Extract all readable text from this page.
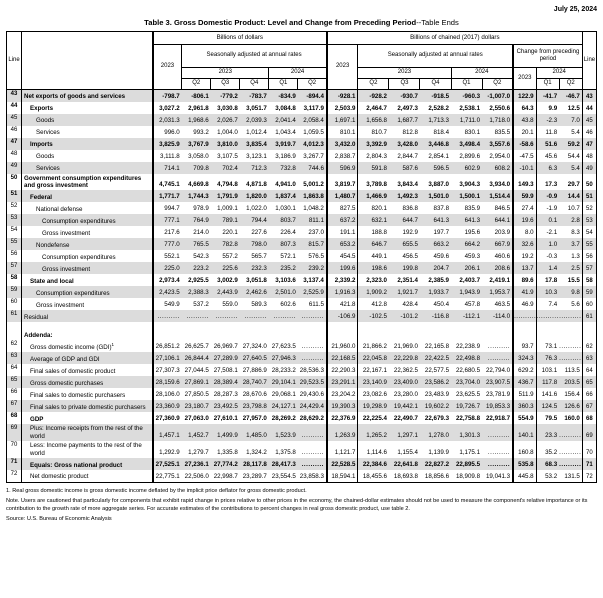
July 25, 2024
Table 3. Gross Domestic Product: Level and Change from Preceding Period--Table Ends
Line		Billions of dollars						Billions of chained (2017) dollars									Line
		2023	Seasonally adjusted at annual rates					2023	Seasonally adjusted at annual rates					Change from preceding period			
			2023			2024			2023			2024		2023	2024		
			Q2	Q3	Q4	Q1	Q2		Q2	Q3	Q4	Q1	Q2		Q1	Q2	
43	Net exports of goods and services	-798.7	-806.1	-779.2	-783.7	-834.9	-894.4	-928.1	-928.2	-930.7	-918.5	-960.3	-1,007.0	122.9	-41.7	-46.7	43
44	Exports	3,027.2	2,961.8	3,030.8	3,051.7	3,084.8	3,117.9	2,503.9	2,464.7	2,497.3	2,528.2	2,538.1	2,550.6	64.3	9.9	12.5	44
45	Goods	2,031.3	1,968.6	2,026.7	2,039.3	2,041.4	2,058.4	1,697.1	1,656.8	1,687.7	1,713.3	1,711.0	1,718.0	43.8	-2.3	7.0	45
46	Services	996.0	993.2	1,004.0	1,012.4	1,043.4	1,059.5	810.1	810.7	812.8	818.4	830.1	835.5	20.1	11.8	5.4	46
47	Imports	3,825.9	3,767.9	3,810.0	3,835.4	3,919.7	4,012.3	3,432.0	3,392.9	3,428.0	3,446.8	3,498.4	3,557.6	-58.6	51.6	59.2	47
48	Goods	3,111.8	3,058.0	3,107.5	3,123.1	3,186.9	3,267.7	2,838.7	2,804.3	2,844.7	2,854.1	2,899.6	2,954.0	-47.5	45.6	54.4	48
49	Services	714.1	709.8	702.4	712.3	732.8	744.6	596.9	591.8	587.6	596.5	602.9	608.2	-10.1	6.3	5.4	49
50	Government consumption expenditures and gross investment	4,745.1	4,669.8	4,794.8	4,871.8	4,941.0	5,001.2	3,819.7	3,789.8	3,843.4	3,887.0	3,904.3	3,934.0	149.3	17.3	29.7	50
51	Federal	1,771.7	1,744.3	1,791.9	1,820.0	1,837.4	1,863.8	1,480.7	1,466.9	1,492.3	1,501.0	1,500.1	1,514.4	59.9	-0.9	14.4	51
52	National defense	994.7	978.9	1,009.1	1,022.0	1,030.1	1,048.2	827.5	820.1	836.8	837.8	835.9	846.5	27.4	-1.9	10.7	52
53	Consumption expenditures	777.1	764.9	789.1	794.4	803.7	811.1	637.2	632.1	644.7	641.3	641.3	644.1	19.6	0.1	2.8	53
54	Gross investment	217.6	214.0	220.1	227.6	226.4	237.0	191.1	188.8	192.9	197.7	195.6	203.9	8.0	-2.1	8.3	54
55	Nondefense	777.0	765.5	782.8	798.0	807.3	815.7	653.2	646.7	655.5	663.2	664.2	667.9	32.6	1.0	3.7	55
56	Consumption expenditures	552.1	542.3	557.2	565.7	572.1	576.5	454.5	449.1	456.5	459.6	459.3	460.6	19.2	-0.3	1.3	56
57	Gross investment	225.0	223.2	225.6	232.3	235.2	239.2	199.6	198.6	199.8	204.7	206.1	208.6	13.7	1.4	2.5	57
58	State and local	2,973.4	2,925.5	3,002.9	3,051.8	3,103.6	3,137.4	2,339.2	2,323.0	2,351.4	2,385.9	2,403.7	2,419.1	89.6	17.8	15.5	58
59	Consumption expenditures	2,423.5	2,388.3	2,443.9	2,462.6	2,501.0	2,525.9	1,916.3	1,909.2	1,921.7	1,933.7	1,943.9	1,953.7	41.9	10.3	9.8	59
60	Gross investment	549.9	537.2	559.0	589.3	602.6	611.5	421.8	412.8	428.4	450.4	457.8	463.5	46.9	7.4	5.6	60
61	Residual	..........	..........	..........	..........	..........	..........	-106.9	-102.5	-101.2	-116.8	-112.1	-114.0	..........	..........	..........	61

	Addenda:																
62	Gross domestic income (GDI)$^1$	26,851.2	26,625.7	26,969.7	27,324.0	27,623.5	..........	21,960.0	21,866.2	21,969.0	22,165.8	22,238.9	..........	93.7	73.1	..........	62
63	Average of GDP and GDI	27,106.1	26,844.4	27,289.9	27,640.5	27,946.3	..........	22,168.5	22,045.8	22,229.8	22,422.5	22,498.8	..........	324.3	76.3	..........	63
64	Final sales of domestic product	27,307.3	27,044.5	27,508.1	27,886.9	28,233.2	28,536.3	22,290.3	22,167.1	22,362.5	22,577.5	22,680.5	22,794.0	629.2	103.1	113.5	64
65	Gross domestic purchases	28,159.6	27,869.1	28,389.4	28,740.7	29,104.1	29,523.5	23,291.1	23,140.9	23,409.0	23,586.2	23,704.0	23,907.5	436.7	117.8	203.5	65
66	Final sales to domestic purchasers	28,106.0	27,850.5	28,287.3	28,670.6	29,068.1	29,430.6	23,204.2	23,082.6	23,280.0	23,483.9	23,625.5	23,781.9	511.9	141.6	156.4	66
67	Final sales to private domestic purchasers	23,360.9	23,180.7	23,492.5	23,798.8	24,127.1	24,429.4	19,390.3	19,298.9	19,442.1	19,602.2	19,726.7	19,853.3	360.3	124.5	126.6	67
68	GDP	27,360.9	27,063.0	27,610.1	27,957.0	28,269.2	28,629.2	22,376.9	22,225.4	22,490.7	22,679.3	22,758.8	22,918.7	554.9	79.5	160.0	68
69	Plus: Income receipts from the rest of the world	1,457.1	1,452.7	1,499.9	1,485.0	1,523.9	..........	1,263.9	1,265.2	1,297.1	1,278.0	1,301.3	..........	140.1	23.3	..........	69
70	Less: Income payments to the rest of the world	1,292.9	1,279.7	1,335.8	1,324.2	1,375.8	..........	1,121.7	1,114.6	1,155.4	1,139.9	1,175.1	..........	160.8	35.2	..........	70
71	Equals: Gross national product	27,525.1	27,236.1	27,774.2	28,117.8	28,417.3	..........	22,528.5	22,384.6	22,641.8	22,827.2	22,895.5	..........	535.8	68.3	..........	71
72	Net domestic product	22,775.1	22,506.0	22,998.7	23,289.7	23,554.5	23,858.3	18,594.1	18,455.6	18,693.8	18,856.6	18,909.8	19,041.3	445.8	53.2	131.5	72

1. Real gross domestic income is gross domestic income deflated by the implicit price deflator for gross domestic product.

Note. Users are cautioned that particularly for components that exhibit rapid change in prices relative to other prices in the economy, the chained-dollar estimates should not be used to measure the component's relative importance or its contribution to the growth rate of more aggregate series. For accurate estimates of the contributions to percent changes in real gross domestic product, use table 2.

Source: U.S. Bureau of Economic Analysis
